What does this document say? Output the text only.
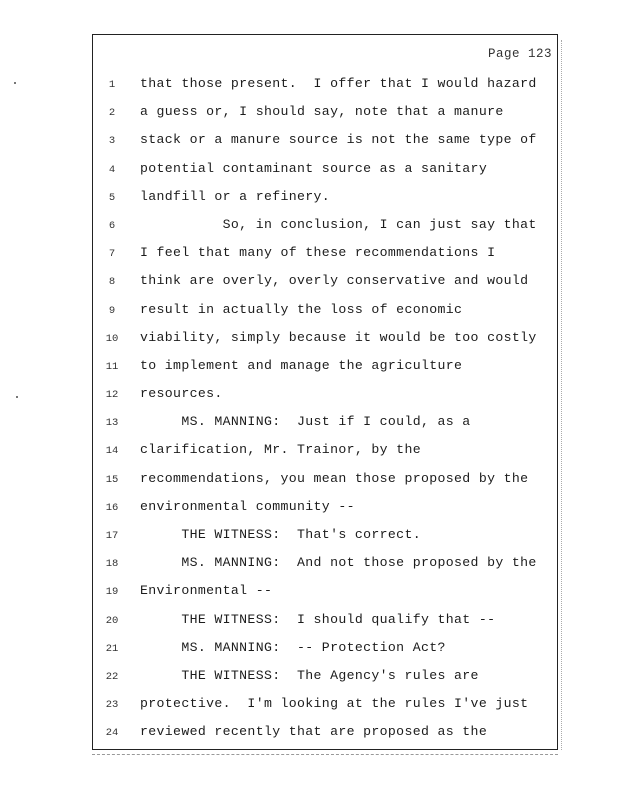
Page 123
1	that those present.  I offer that I would hazard
2	a guess or, I should say, note that a manure
3	stack or a manure source is not the same type of
4	potential contaminant source as a sanitary
5	landfill or a refinery.
6	So, in conclusion, I can just say that
7	I feel that many of these recommendations I
8	think are overly, overly conservative and would
9	result in actually the loss of economic
10 viability, simply because it would be too costly
11 to implement and manage the agriculture
12 resources.
13 MS. MANNING:  Just if I could, as a
14 clarification, Mr. Trainor, by the
15 recommendations, you mean those proposed by the
16 environmental community --
17 THE WITNESS:  That's correct.
18 MS. MANNING:  And not those proposed by the
19 Environmental --
20 THE WITNESS:  I should qualify that --
21 MS. MANNING:  -- Protection Act?
22 THE WITNESS:  The Agency's rules are
23 protective.  I'm looking at the rules I've just
24 reviewed recently that are proposed as the
